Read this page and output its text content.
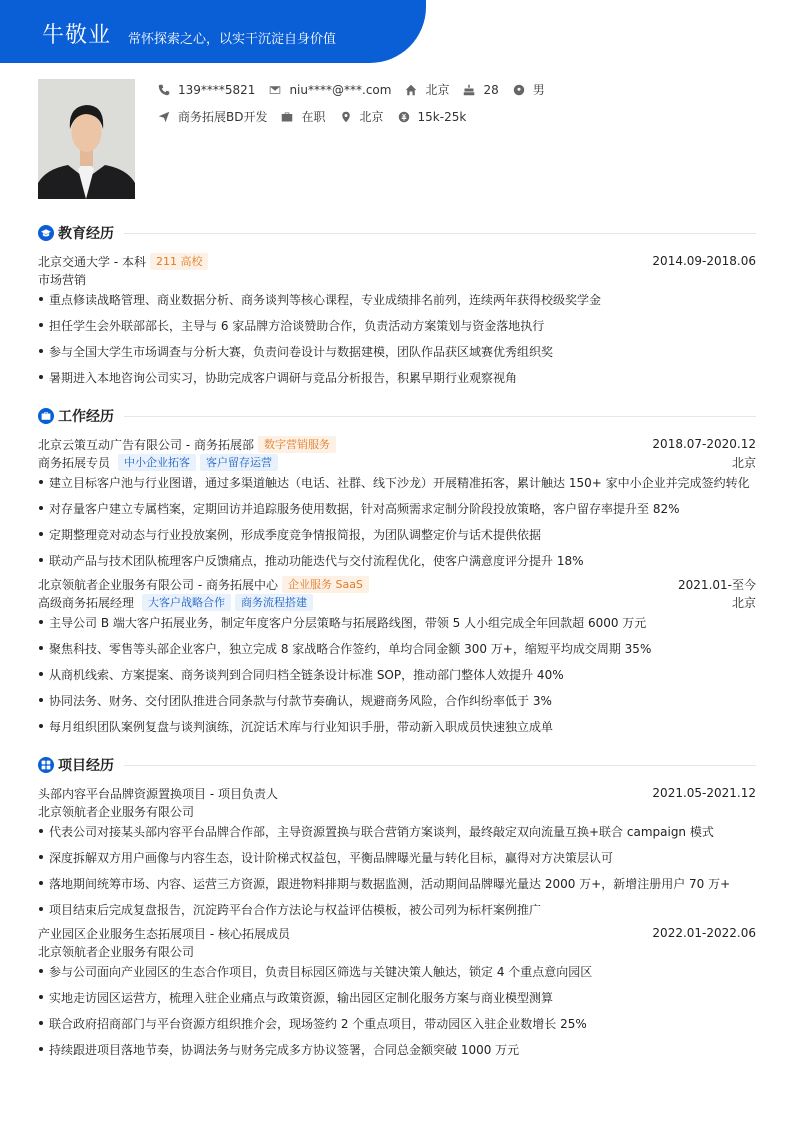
牛敬业 常怀探索之心，以实干沉淀自身价值
139****5821	niu****@***.com	北京	28	男
商务拓展BD开发	在职	北京	15k-25k
教育经历
北京交通大学 - 本科 211 高校	2014.09-2018.06
市场营销
重点修读战略管理、商业数据分析、商务谈判等核心课程，专业成绩排名前列，连续两年获得校级奖学金
担任学生会外联部部长，主导与 6 家品牌方洽谈赞助合作，负责活动方案策划与资金落地执行
参与全国大学生市场调查与分析大赛，负责问卷设计与数据建模，团队作品获区域赛优秀组织奖
暑期进入本地咨询公司实习，协助完成客户调研与竞品分析报告，积累早期行业观察视角
工作经历
北京云策互动广告有限公司 - 商务拓展部 数字营销服务	2018.07-2020.12
商务拓展专员	中小企业拓客	客户留存运营	北京
建立目标客户池与行业图谱，通过多渠道触达（电话、社群、线下沙龙）开展精准拓客，累计触达 150+ 家中小企业并完成签约转化
对存量客户建立专属档案，定期回访并追踪服务使用数据，针对高频需求定制分阶段投放策略，客户留存率提升至 82%
定期整理竞对动态与行业投放案例，形成季度竞争情报简报，为团队调整定价与话术提供依据
联动产品与技术团队梳理客户反馈痛点，推动功能迭代与交付流程优化，使客户满意度评分提升 18%
北京领航者企业服务有限公司 - 商务拓展中心 企业服务 SaaS	2021.01-至今
高级商务拓展经理	大客户战略合作	商务流程搭建	北京
主导公司 B 端大客户拓展业务，制定年度客户分层策略与拓展路线图，带领 5 人小组完成全年回款超 6000 万元
聚焦科技、零售等头部企业客户，独立完成 8 家战略合作签约，单均合同金额 300 万+，缩短平均成交周期 35%
从商机线索、方案提案、商务谈判到合同归档全链条设计标准 SOP，推动部门整体人效提升 40%
协同法务、财务、交付团队推进合同条款与付款节奏确认，规避商务风险，合作纠纷率低于 3%
每月组织团队案例复盘与谈判演练，沉淀话术库与行业知识手册，带动新入职成员快速独立成单
项目经历
头部内容平台品牌资源置换项目 - 项目负责人	2021.05-2021.12
北京领航者企业服务有限公司
代表公司对接某头部内容平台品牌合作部，主导资源置换与联合营销方案谈判，最终敲定双向流量互换+联合 campaign 模式
深度拆解双方用户画像与内容生态，设计阶梯式权益包，平衡品牌曝光量与转化目标，赢得对方决策层认可
落地期间统筹市场、内容、运营三方资源，跟进物料排期与数据监测，活动期间品牌曝光量达 2000 万+，新增注册用户 70 万+
项目结束后完成复盘报告，沉淀跨平台合作方法论与权益评估模板，被公司列为标杆案例推广
产业园区企业服务生态拓展项目 - 核心拓展成员	2022.01-2022.06
北京领航者企业服务有限公司
参与公司面向产业园区的生态合作项目，负责目标园区筛选与关键决策人触达，锁定 4 个重点意向园区
实地走访园区运营方，梳理入驻企业痛点与政策资源，输出园区定制化服务方案与商业模型测算
联合政府招商部门与平台资源方组织推介会，现场签约 2 个重点项目，带动园区入驻企业数增长 25%
持续跟进项目落地节奏，协调法务与财务完成多方协议签署，合同总金额突破 1000 万元
